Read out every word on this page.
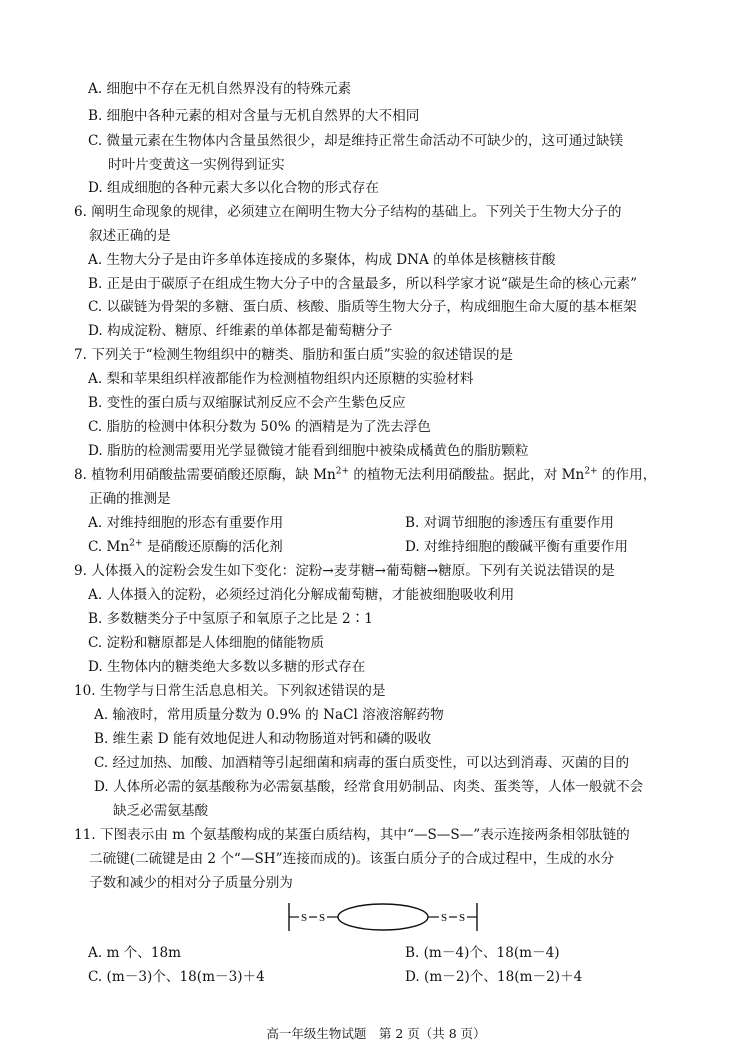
A. 细胞中不存在无机自然界没有的特殊元素
B. 细胞中各种元素的相对含量与无机自然界的大不相同
C. 微量元素在生物体内含量虽然很少，却是维持正常生命活动不可缺少的，这可通过缺镁
时叶片变黄这一实例得到证实
D. 组成细胞的各种元素大多以化合物的形式存在
6. 阐明生命现象的规律，必须建立在阐明生物大分子结构的基础上。下列关于生物大分子的
叙述正确的是
A. 生物大分子是由许多单体连接成的多聚体，构成 DNA 的单体是核糖核苷酸
B. 正是由于碳原子在组成生物大分子中的含量最多，所以科学家才说“碳是生命的核心元素”
C. 以碳链为骨架的多糖、蛋白质、核酸、脂质等生物大分子，构成细胞生命大厦的基本框架
D. 构成淀粉、糖原、纤维素的单体都是葡萄糖分子
7. 下列关于“检测生物组织中的糖类、脂肪和蛋白质”实验的叙述错误的是
A. 梨和苹果组织样液都能作为检测植物组织内还原糖的实验材料
B. 变性的蛋白质与双缩脲试剂反应不会产生紫色反应
C. 脂肪的检测中体积分数为 50% 的酒精是为了洗去浮色
D. 脂肪的检测需要用光学显微镜才能看到细胞中被染成橘黄色的脂肪颗粒
8. 植物利用硝酸盐需要硝酸还原酶，缺 $Mn^{2+}$ 的植物无法利用硝酸盐。据此，对 $Mn^{2+}$ 的作用，
正确的推测是
A. 对维持细胞的形态有重要作用	B. 对调节细胞的渗透压有重要作用
C. $Mn^{2+}$ 是硝酸还原酶的活化剂	D. 对维持细胞的酸碱平衡有重要作用
9. 人体摄入的淀粉会发生如下变化：淀粉→麦芽糖→葡萄糖→糖原。下列有关说法错误的是
A. 人体摄入的淀粉，必须经过消化分解成葡萄糖，才能被细胞吸收利用
B. 多数糖类分子中氢原子和氧原子之比是 2∶1
C. 淀粉和糖原都是人体细胞的储能物质
D. 生物体内的糖类绝大多数以多糖的形式存在
10. 生物学与日常生活息息相关。下列叙述错误的是
A. 输液时，常用质量分数为 0.9% 的 NaCl 溶液溶解药物
B. 维生素 D 能有效地促进人和动物肠道对钙和磷的吸收
C. 经过加热、加酸、加酒精等引起细菌和病毒的蛋白质变性，可以达到消毒、灭菌的目的
D. 人体所必需的氨基酸称为必需氨基酸，经常食用奶制品、肉类、蛋类等，人体一般就不会
缺乏必需氨基酸
11. 下图表示由 m 个氨基酸构成的某蛋白质结构，其中“—S—S—”表示连接两条相邻肽链的
二硫键(二硫键是由 2 个“—SH”连接而成的)。该蛋白质分子的合成过程中，生成的水分
子数和减少的相对分子质量分别为
S S	S S
A. m 个、18m	B. (m－4)个、18(m－4)
C. (m－3)个、18(m－3)＋4	D. (m－2)个、18(m－2)＋4
高一年级生物试题　第 2 页（共 8 页）
